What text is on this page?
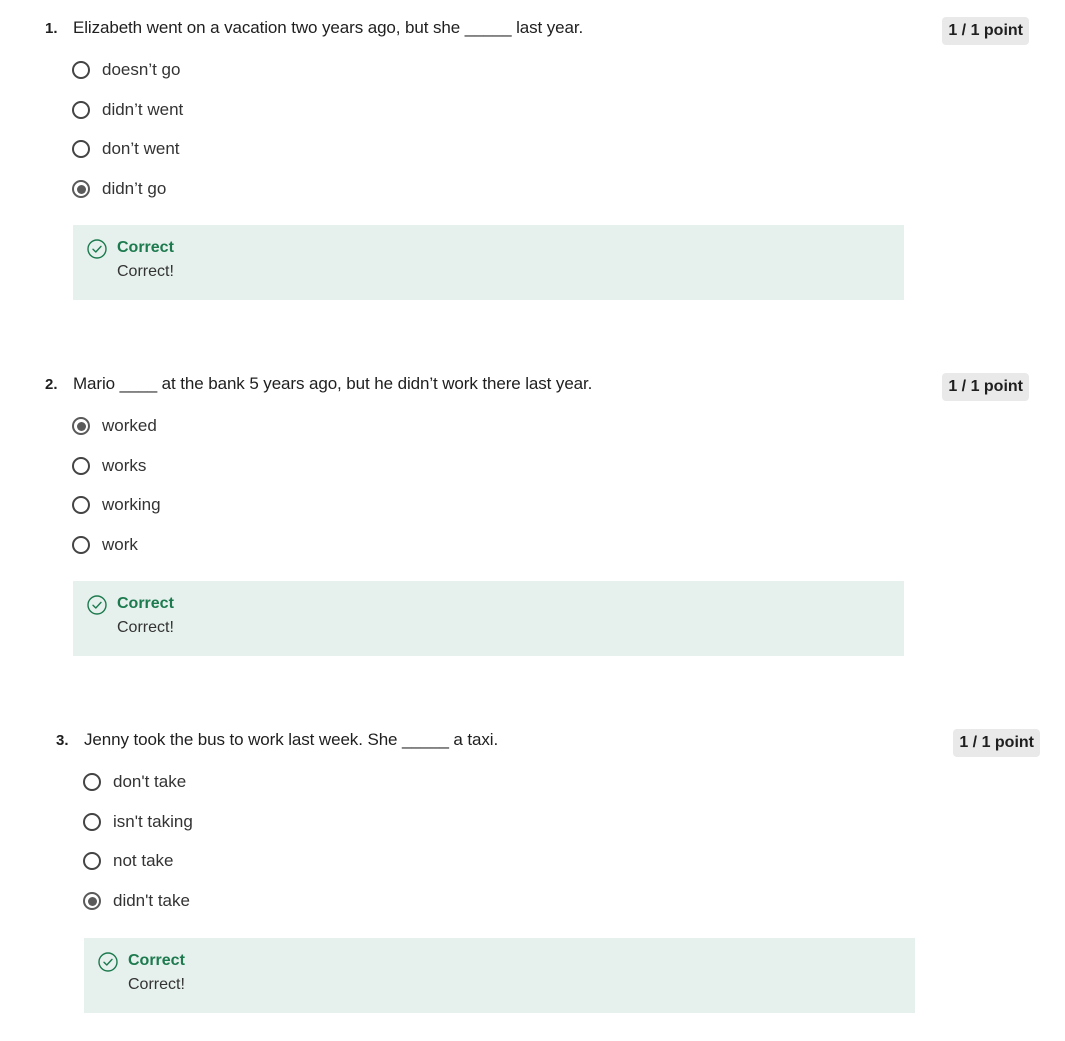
1. Elizabeth went on a vacation two years ago, but she _____ last year.	1 / 1 point
doesn’t go
didn’t went
don’t went
didn’t go
Correct
Correct!
2. Mario ____ at the bank 5 years ago, but he didn’t work there last year.	1 / 1 point
worked
works
working
work
Correct
Correct!
3. Jenny took the bus to work last week. She _____ a taxi.	1 / 1 point
don't take
isn't taking
not take
didn't take
Correct
Correct!
